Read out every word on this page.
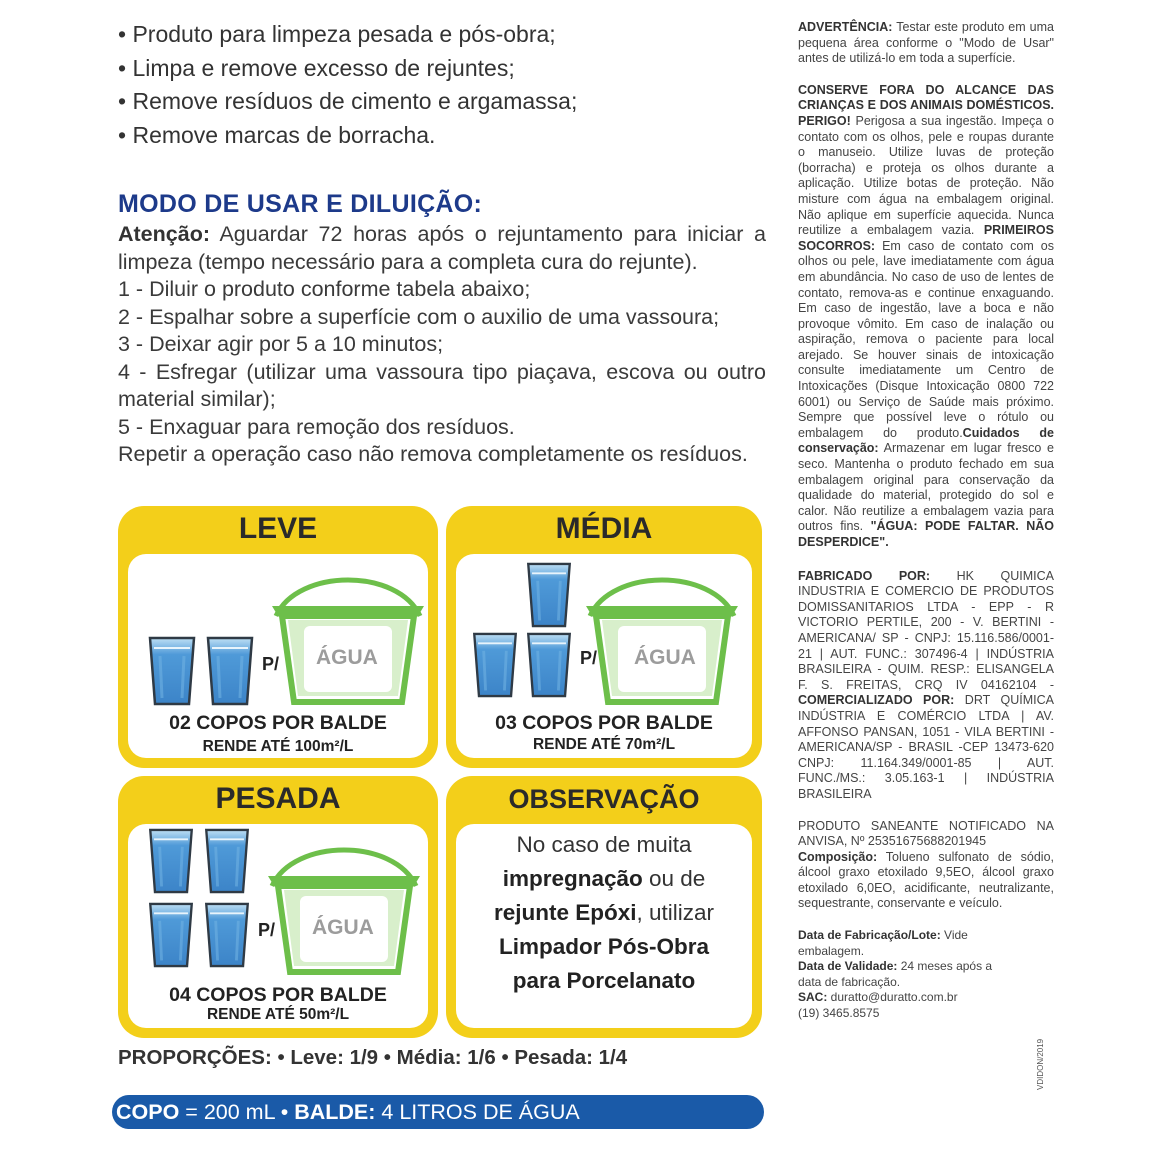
• Produto para limpeza pesada e pós-obra;
• Limpa e remove excesso de rejuntes;
• Remove resíduos de cimento e argamassa;
• Remove marcas de borracha.
MODO DE USAR E DILUIÇÃO:

Atenção: Aguardar 72 horas após o rejuntamento para iniciar a limpeza (tempo necessário para a completa cura do rejunte).

1 - Diluir o produto conforme tabela abaixo;

2 - Espalhar sobre a superfície com o auxilio de uma vassoura;

3 - Deixar agir por 5 a 10 minutos;

4 - Esfregar (utilizar uma vassoura tipo piaçava, escova ou outro material similar);

5 - Enxaguar para remoção dos resíduos.

Repetir a operação caso não remova completamente os resíduos.

LEVE
P/ ÁGUA
02 COPOS POR BALDE
RENDE ATÉ 100m²/L
MÉDIA
P/ ÁGUA
03 COPOS POR BALDE
RENDE ATÉ 70m²/L
PESADA
P/ ÁGUA
04 COPOS POR BALDE
RENDE ATÉ 50m²/L
OBSERVAÇÃO
No caso de muita
impregnação ou de
rejunte Epóxi, utilizar
Limpador Pós-Obra
para Porcelanato
PROPORÇÕES: • Leve: 1/9 • Média: 1/6 • Pesada: 1/4
COPO = 200 mL • BALDE: 4 LITROS DE ÁGUA

ADVERTÊNCIA: Testar este produto em uma pequena área conforme o "Modo de Usar" antes de utilizá-lo em toda a superfície.

CONSERVE FORA DO ALCANCE DAS CRIANÇAS E DOS ANIMAIS DOMÉSTICOS. PERIGO! Perigosa a sua ingestão. Impeça o contato com os olhos, pele e roupas durante o manuseio. Utilize luvas de proteção (borracha) e proteja os olhos durante a aplicação. Utilize botas de proteção. Não misture com água na embalagem original. Não aplique em superfície aquecida. Nunca reutilize a embalagem vazia. PRIMEIROS SOCORROS: Em caso de contato com os olhos ou pele, lave imediatamente com água em abundância. No caso de uso de lentes de contato, remova-as e continue enxaguando. Em caso de ingestão, lave a boca e não provoque vômito. Em caso de inalação ou aspiração, remova o paciente para local arejado. Se houver sinais de intoxicação consulte imediatamente um Centro de Intoxicações (Disque Intoxicação 0800 722 6001) ou Serviço de Saúde mais próximo. Sempre que possível leve o rótulo ou embalagem do produto.Cuidados de conservação: Armazenar em lugar fresco e seco. Mantenha o produto fechado em sua embalagem original para conservação da qualidade do material, protegido do sol e calor. Não reutilize a embalagem vazia para outros fins. "ÁGUA: PODE FALTAR. NÃO DESPERDICE".

FABRICADO POR: HK QUIMICA INDUSTRIA E COMERCIO DE PRODUTOS DOMISSANITARIOS LTDA - EPP - R VICTORIO PERTILE, 200 - V. BERTINI - AMERICANA/ SP - CNPJ: 15.116.586/0001-21 | AUT. FUNC.: 307496-4 | INDÚSTRIA BRASILEIRA - QUIM. RESP.: ELISANGELA F. S. FREITAS, CRQ IV 04162104 - COMERCIALIZADO POR: DRT QUÍMICA INDÚSTRIA E COMÉRCIO LTDA | AV. AFFONSO PANSAN, 1051 - VILA BERTINI - AMERICANA/SP - BRASIL -CEP 13473-620 CNPJ: 11.164.349/0001-85 | AUT. FUNC./MS.: 3.05.163-1 | INDÚSTRIA BRASILEIRA

PRODUTO SANEANTE NOTIFICADO NA ANVISA, Nº 25351675688201945
Composição: Tolueno sulfonato de sódio, álcool graxo etoxilado 9,5EO, álcool graxo etoxilado 6,0EO, acidificante, neutralizante, sequestrante, conservante e veículo.

Data de Fabricação/Lote: Vide embalagem.
Data de Validade: 24 meses após a data de fabricação.
SAC: duratto@duratto.com.br
(19) 3465.8575

VDIDON/2019
